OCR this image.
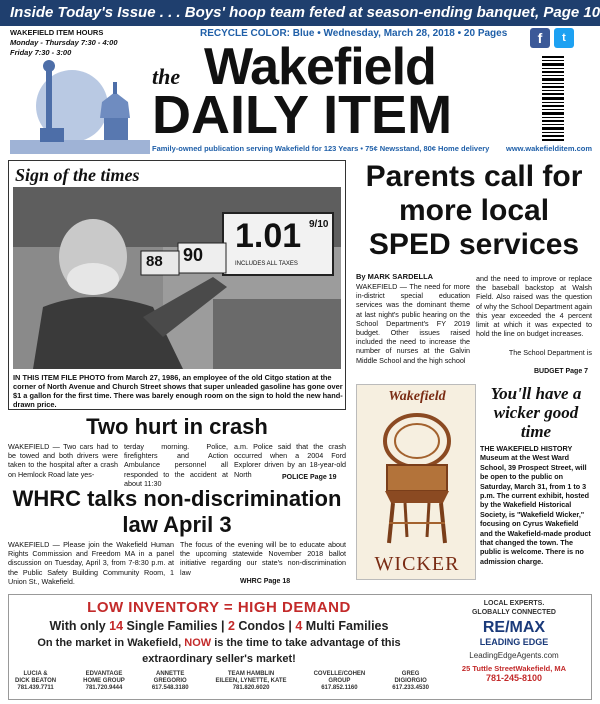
Inside Today's Issue . . . Boys' hoop team feted at season-ending banquet, Page 10
WAKEFIELD ITEM HOURS
Monday - Thursday 7:30 - 4:00
Friday 7:30 - 3:00
RECYCLE COLOR: Blue • Wednesday, March 28, 2018 • 20 Pages	f	t
the Wakefield
DAILY ITEM
Family-owned publication serving Wakefield for 123 Years • 75¢ Newsstand, 80¢ Home delivery www.wakefielditem.com
Sign of the times
1.01 9/10
INCLUDES ALL TAXES
90
88
IN THIS ITEM FILE PHOTO from March 27, 1986, an employee of the old Citgo station at the corner of North Avenue and Church Street shows that super unleaded gasoline has gone over $1 a gallon for the first time. There was barely enough room on the sign to hold the new hand-drawn price.
Parents call for more local SPED services
By MARK SARDELLA
WAKEFIELD — The need for more in-district special education services was the dominant theme at last night's public hearing on the School Department's FY 2019 budget. Other issues raised included the need to increase the number of nurses at the Galvin Middle School and the high school
and the need to improve or replace the baseball backstop at Walsh Field. Also raised was the question of why the School Department again this year exceeded the 4 percent limit at which it was expected to hold the line on budget increases.
The School Department is
BUDGET Page 7
Two hurt in crash
WAKEFIELD — Two cars had to be towed and both drivers were taken to the hospital after a crash on Hemlock Road late yes-
terday morning. Police, firefighters and Action Ambulance personnel all responded to the accident at about 11:30
a.m. Police said that the crash occurred when a 2004 Ford Explorer driven by an 18-year-old North	POLICE Page 19
WHRC talks non-discrimination law April 3
WAKEFIELD — Please join the Wakefield Human Rights Commission and Freedom MA in a panel discussion on Tuesday, April 3, from 7-8:30 p.m. at the Public Safety Building Community Room, 1 Union St., Wakefield.
The focus of the evening will be to educate about the upcoming statewide November 2018 ballot initiative regarding our state's non-discrimination law
WHRC Page 18
Wakefield
WICKER
You'll have a wicker good time
THE WAKEFIELD HISTORY Museum at the West Ward School, 39 Prospect Street, will be open to the public on Saturday, March 31, from 1 to 3 p.m. The current exhibit, hosted by the Wakefield Historical Society, is "Wakefield Wicker," focusing on Cyrus Wakefield and the Wakefield-made product that changed the town. The public is welcome. There is no admission charge.
LOW INVENTORY = HIGH DEMAND
With only 14 Single Families | 2 Condos | 4 Multi Families
On the market in Wakefield, NOW is the time to take advantage of this
extraordinary seller's market!
LUCIA &
DICK BEATON
781.439.7711
EDVANTAGE
HOME GROUP
781.720.9444
ANNETTE
GREGORIO
617.548.3180
TEAM HAMBLIN
EILEEN, LYNETTE, KATE
781.820.6020
COVELLE/COHEN
GROUP
617.852.1160
GREG
DIGIORGIO
617.233.4530
LOCAL EXPERTS.
GLOBALLY CONNECTED
RE/MAX
LEADING EDGE
LeadingEdgeAgents.com
25 Tuttle StreetWakefield, MA
781-245-8100
